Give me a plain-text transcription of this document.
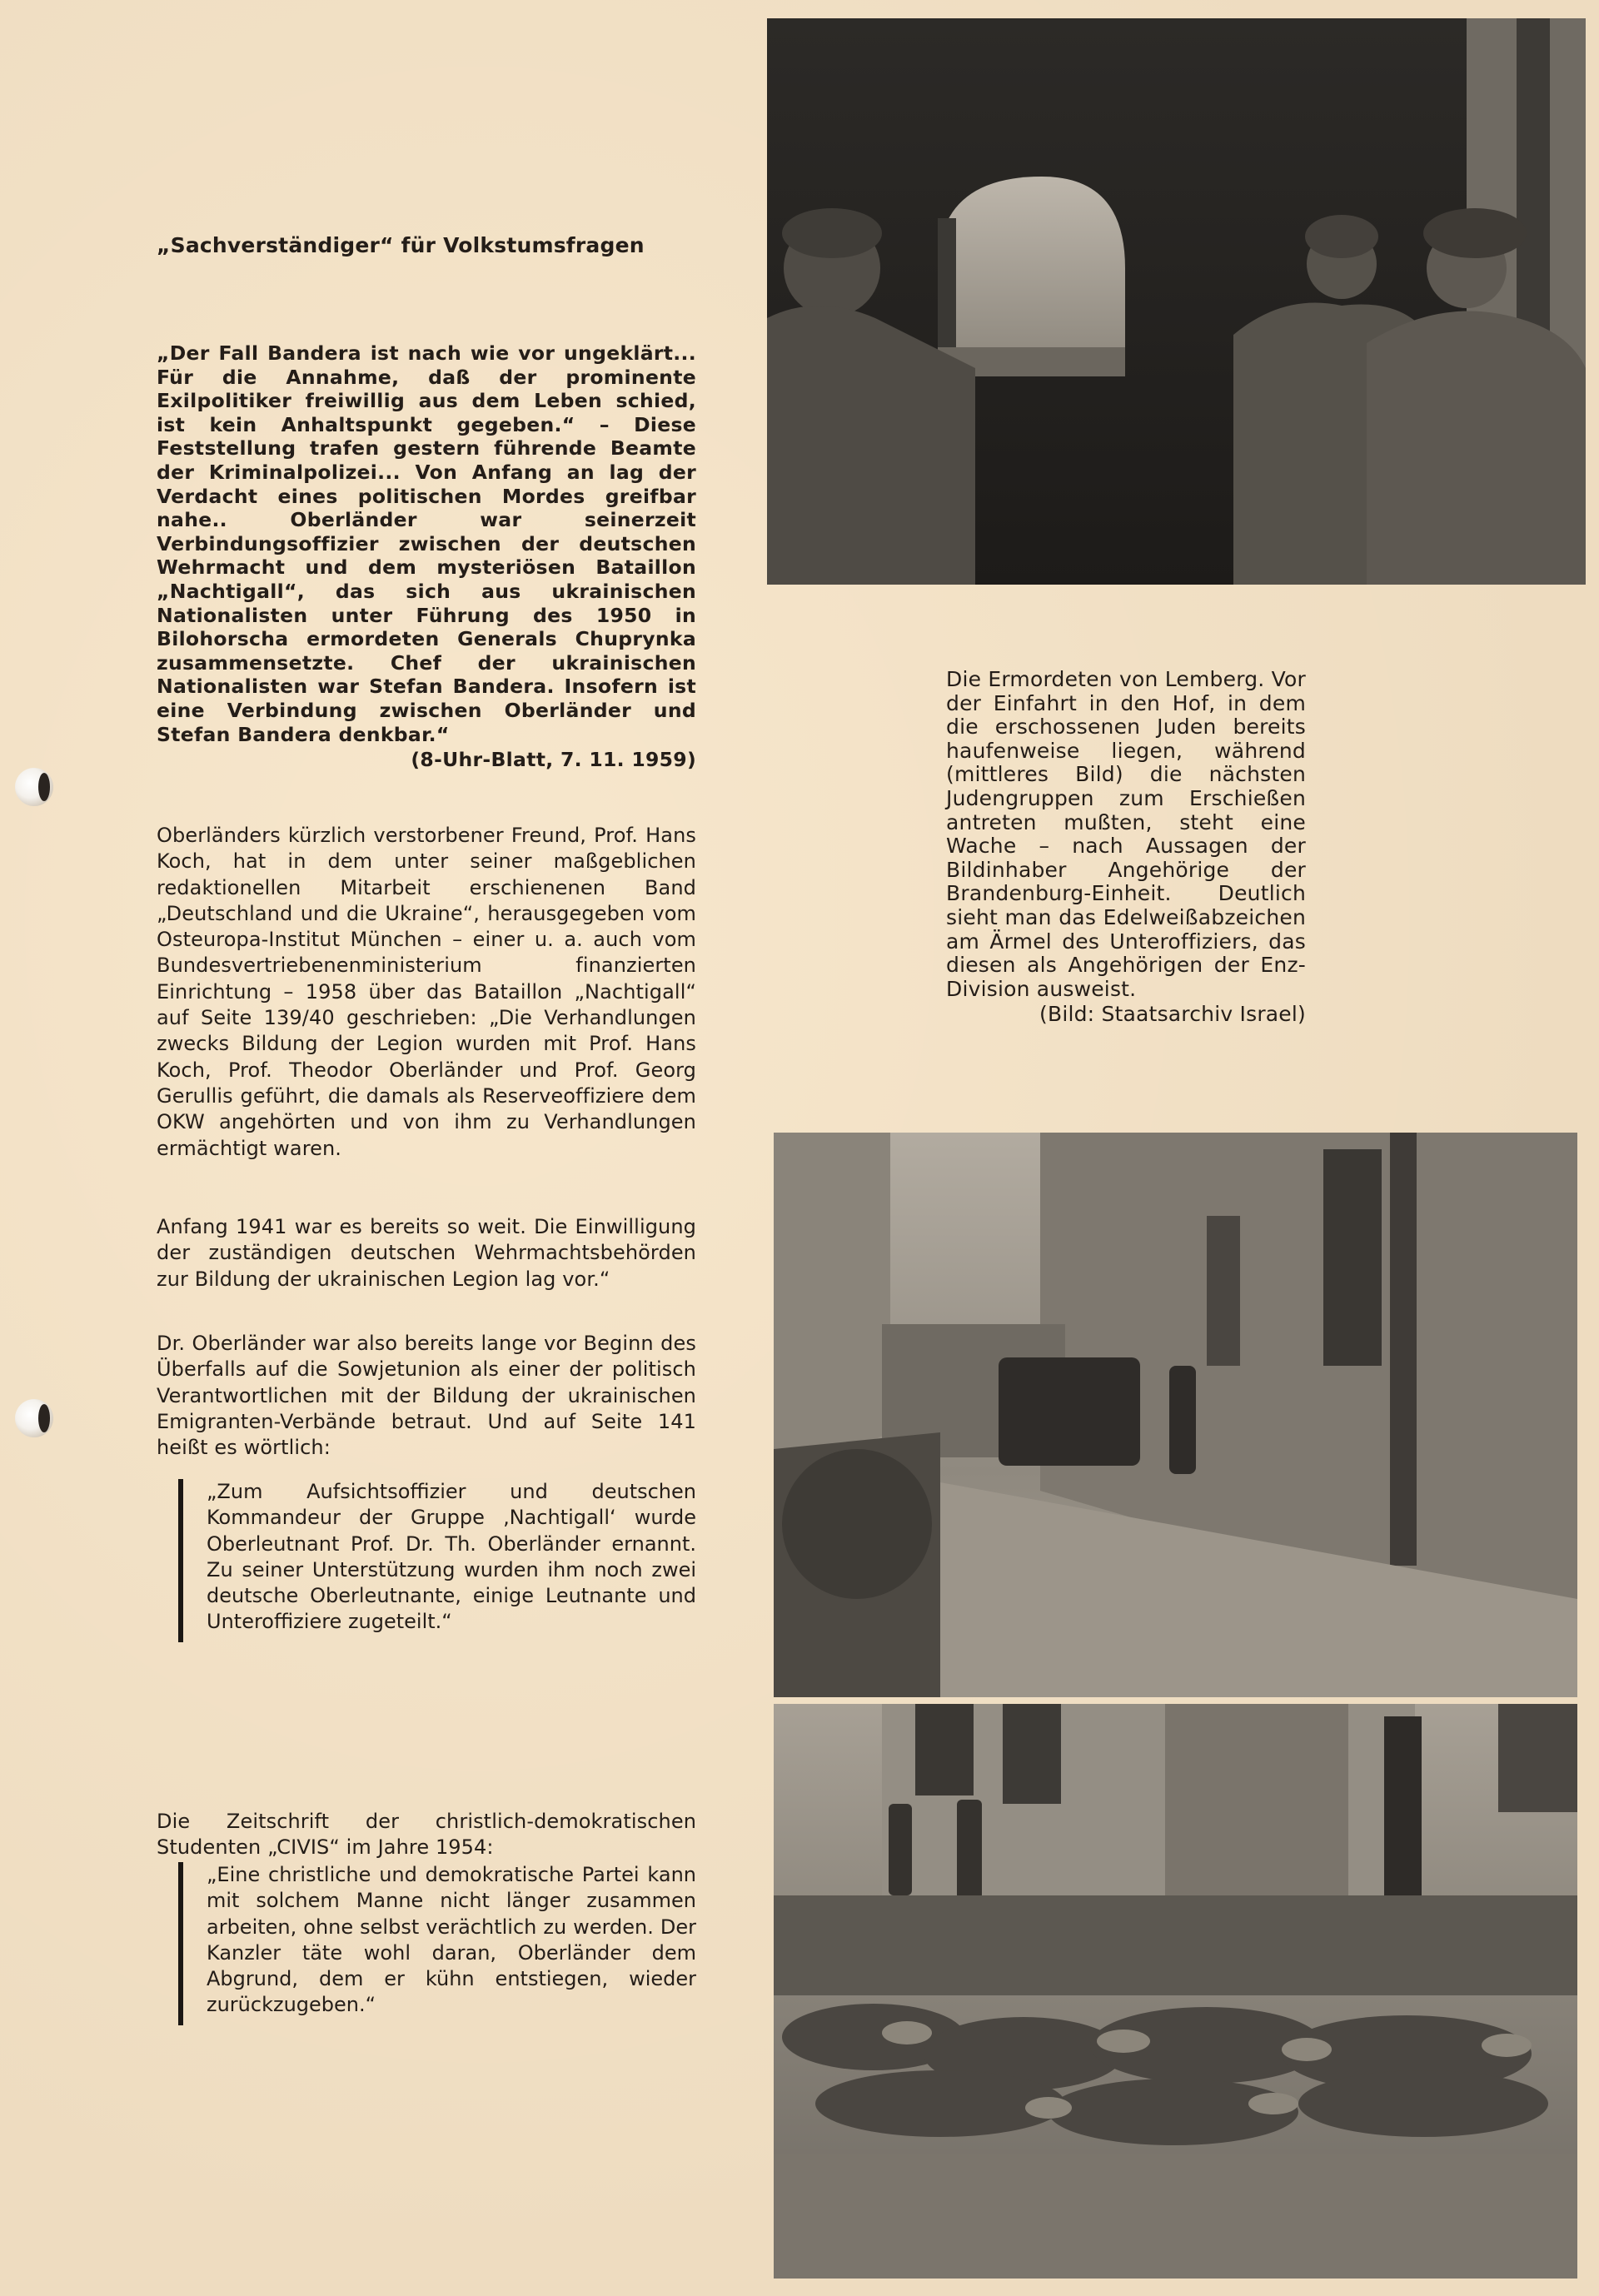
„Sachverständiger“ für Volkstumsfragen
„Der Fall Bandera ist nach wie vor ungeklärt... Für die Annahme, daß der prominente Exilpolitiker freiwillig aus dem Leben schied, ist kein Anhaltspunkt gegeben.“ – Diese Feststellung trafen gestern führende Beamte der Kriminalpolizei... Von Anfang an lag der Verdacht eines politischen Mordes greifbar nahe.. Oberländer war seinerzeit Verbindungsoffizier zwischen der deutschen Wehrmacht und dem mysteriösen Bataillon „Nachtigall“, das sich aus ukrainischen Nationalisten unter Führung des 1950 in Bilohorscha ermordeten Generals Chuprynka zusammensetzte. Chef der ukrainischen Nationalisten war Stefan Bandera. Insofern ist eine Verbindung zwischen Oberländer und Stefan Bandera denkbar.“
(8-Uhr-Blatt, 7. 11. 1959)
Oberländers kürzlich verstorbener Freund, Prof. Hans Koch, hat in dem unter seiner maßgeblichen redaktionellen Mitarbeit erschienenen Band „Deutschland und die Ukraine“, herausgegeben vom Osteuropa-Institut München – einer u. a. auch vom Bundesvertriebenenministerium finanzierten Einrichtung – 1958 über das Bataillon „Nachtigall“ auf Seite 139/40 geschrieben: „Die Verhandlungen zwecks Bildung der Legion wurden mit Prof. Hans Koch, Prof. Theodor Oberländer und Prof. Georg Gerullis geführt, die damals als Reserveoffiziere dem OKW angehörten und von ihm zu Verhandlungen ermächtigt waren.
Anfang 1941 war es bereits so weit. Die Einwilligung der zuständigen deutschen Wehrmachtsbehörden zur Bildung der ukrainischen Legion lag vor.“
Dr. Oberländer war also bereits lange vor Beginn des Überfalls auf die Sowjetunion als einer der politisch Verantwortlichen mit der Bildung der ukrainischen Emigranten-Verbände betraut. Und auf Seite 141 heißt es wörtlich:
„Zum Aufsichtsoffizier und deutschen Kommandeur der Gruppe ‚Nachtigall‘ wurde Oberleutnant Prof. Dr. Th. Oberländer ernannt. Zu seiner Unterstützung wurden ihm noch zwei deutsche Oberleutnante, einige Leutnante und Unteroffiziere zugeteilt.“
Die Zeitschrift der christlich-demokratischen Studenten „CIVIS“ im Jahre 1954:
„Eine christliche und demokratische Partei kann mit solchem Manne nicht länger zusammen arbeiten, ohne selbst verächtlich zu werden. Der Kanzler täte wohl daran, Oberländer dem Abgrund, dem er kühn entstiegen, wieder zurückzugeben.“
Die Ermordeten von Lemberg. Vor der Einfahrt in den Hof, in dem die erschossenen Juden bereits haufenweise liegen, während (mittleres Bild) die nächsten Judengruppen zum Erschießen antreten mußten, steht eine Wache – nach Aussagen der Bildinhaber Angehörige der Brandenburg-Einheit. Deutlich sieht man das Edelweißabzeichen am Ärmel des Unteroffiziers, das diesen als Angehörigen der Enz-Division ausweist.
(Bild: Staatsarchiv Israel)
